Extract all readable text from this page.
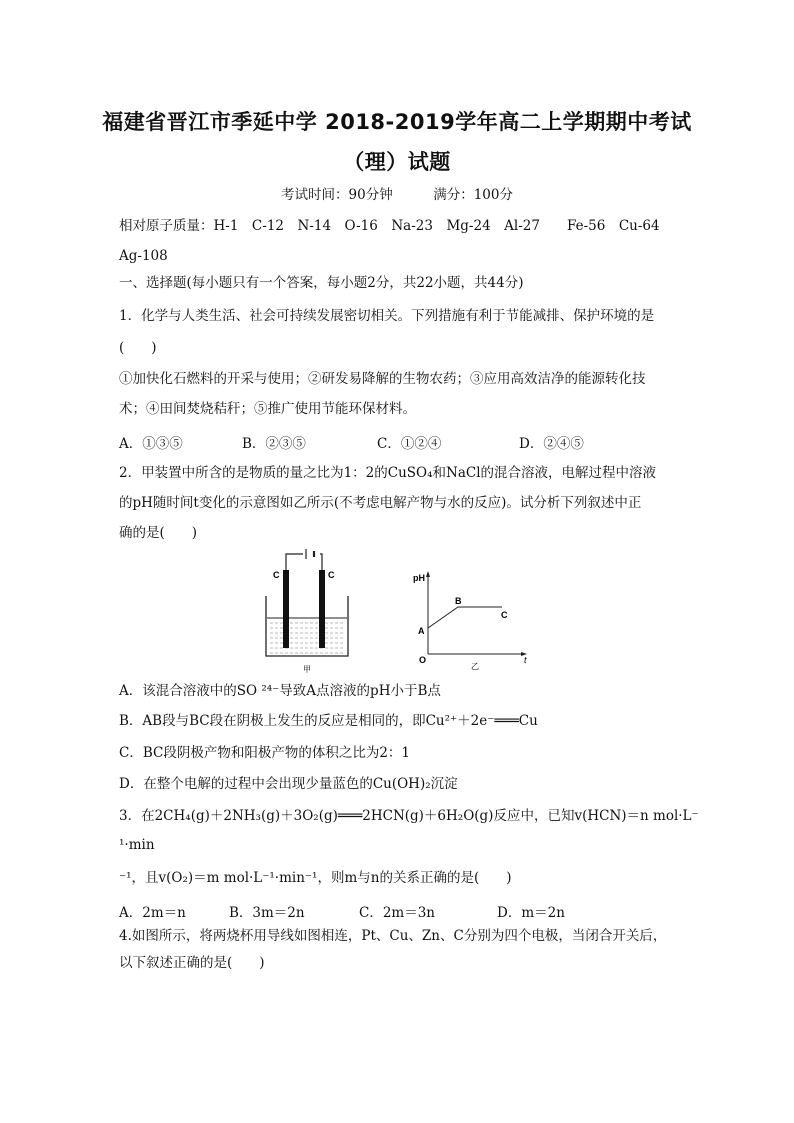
福建省晋江市季延中学 2018-2019学年高二上学期期中考试
（理）试题
考试时间：90分钟　　　满分：100分
相对原子质量：H-1　C-12　N-14　O-16　Na-23　Mg-24　Al-27　　Fe-56　Cu-64
Ag-108
一、选择题(每小题只有一个答案，每小题2分，共22小题，共44分)
1．化学与人类生活、社会可持续发展密切相关。下列措施有利于节能减排、保护环境的是
(　　)
①加快化石燃料的开采与使用；②研发易降解的生物农药；③应用高效洁净的能源转化技
术；④田间焚烧秸秆；⑤推广使用节能环保材料。
A．①③⑤	B．②③⑤	C．①②④	D．②④⑤
2．甲装置中所含的是物质的量之比为1：2的CuSO₄和NaCl的混合溶液，电解过程中溶液
的pH随时间t变化的示意图如乙所示(不考虑电解产物与水的反应)。试分析下列叙述中正
确的是(　　)
C	C
甲
pH
t
O
A
B
C
乙
A．该混合溶液中的SO ²⁴⁻导致A点溶液的pH小于B点
B．AB段与BC段在阴极上发生的反应是相同的，即Cu²⁺＋2e⁻═══Cu
C．BC段阴极产物和阳极产物的体积之比为2：1
D．在整个电解的过程中会出现少量蓝色的Cu(OH)₂沉淀
3．在2CH₄(g)＋2NH₃(g)＋3O₂(g)═══2HCN(g)＋6H₂O(g)反应中，已知v(HCN)＝n mol·L⁻
¹·min
⁻¹，且v(O₂)＝m mol·L⁻¹·min⁻¹，则m与n的关系正确的是(　　)
A．2m＝n	B．3m＝2n	C．2m＝3n	D．m＝2n
4.如图所示，将两烧杯用导线如图相连，Pt、Cu、Zn、C分别为四个电极，当闭合开关后，
以下叙述正确的是(　　)
